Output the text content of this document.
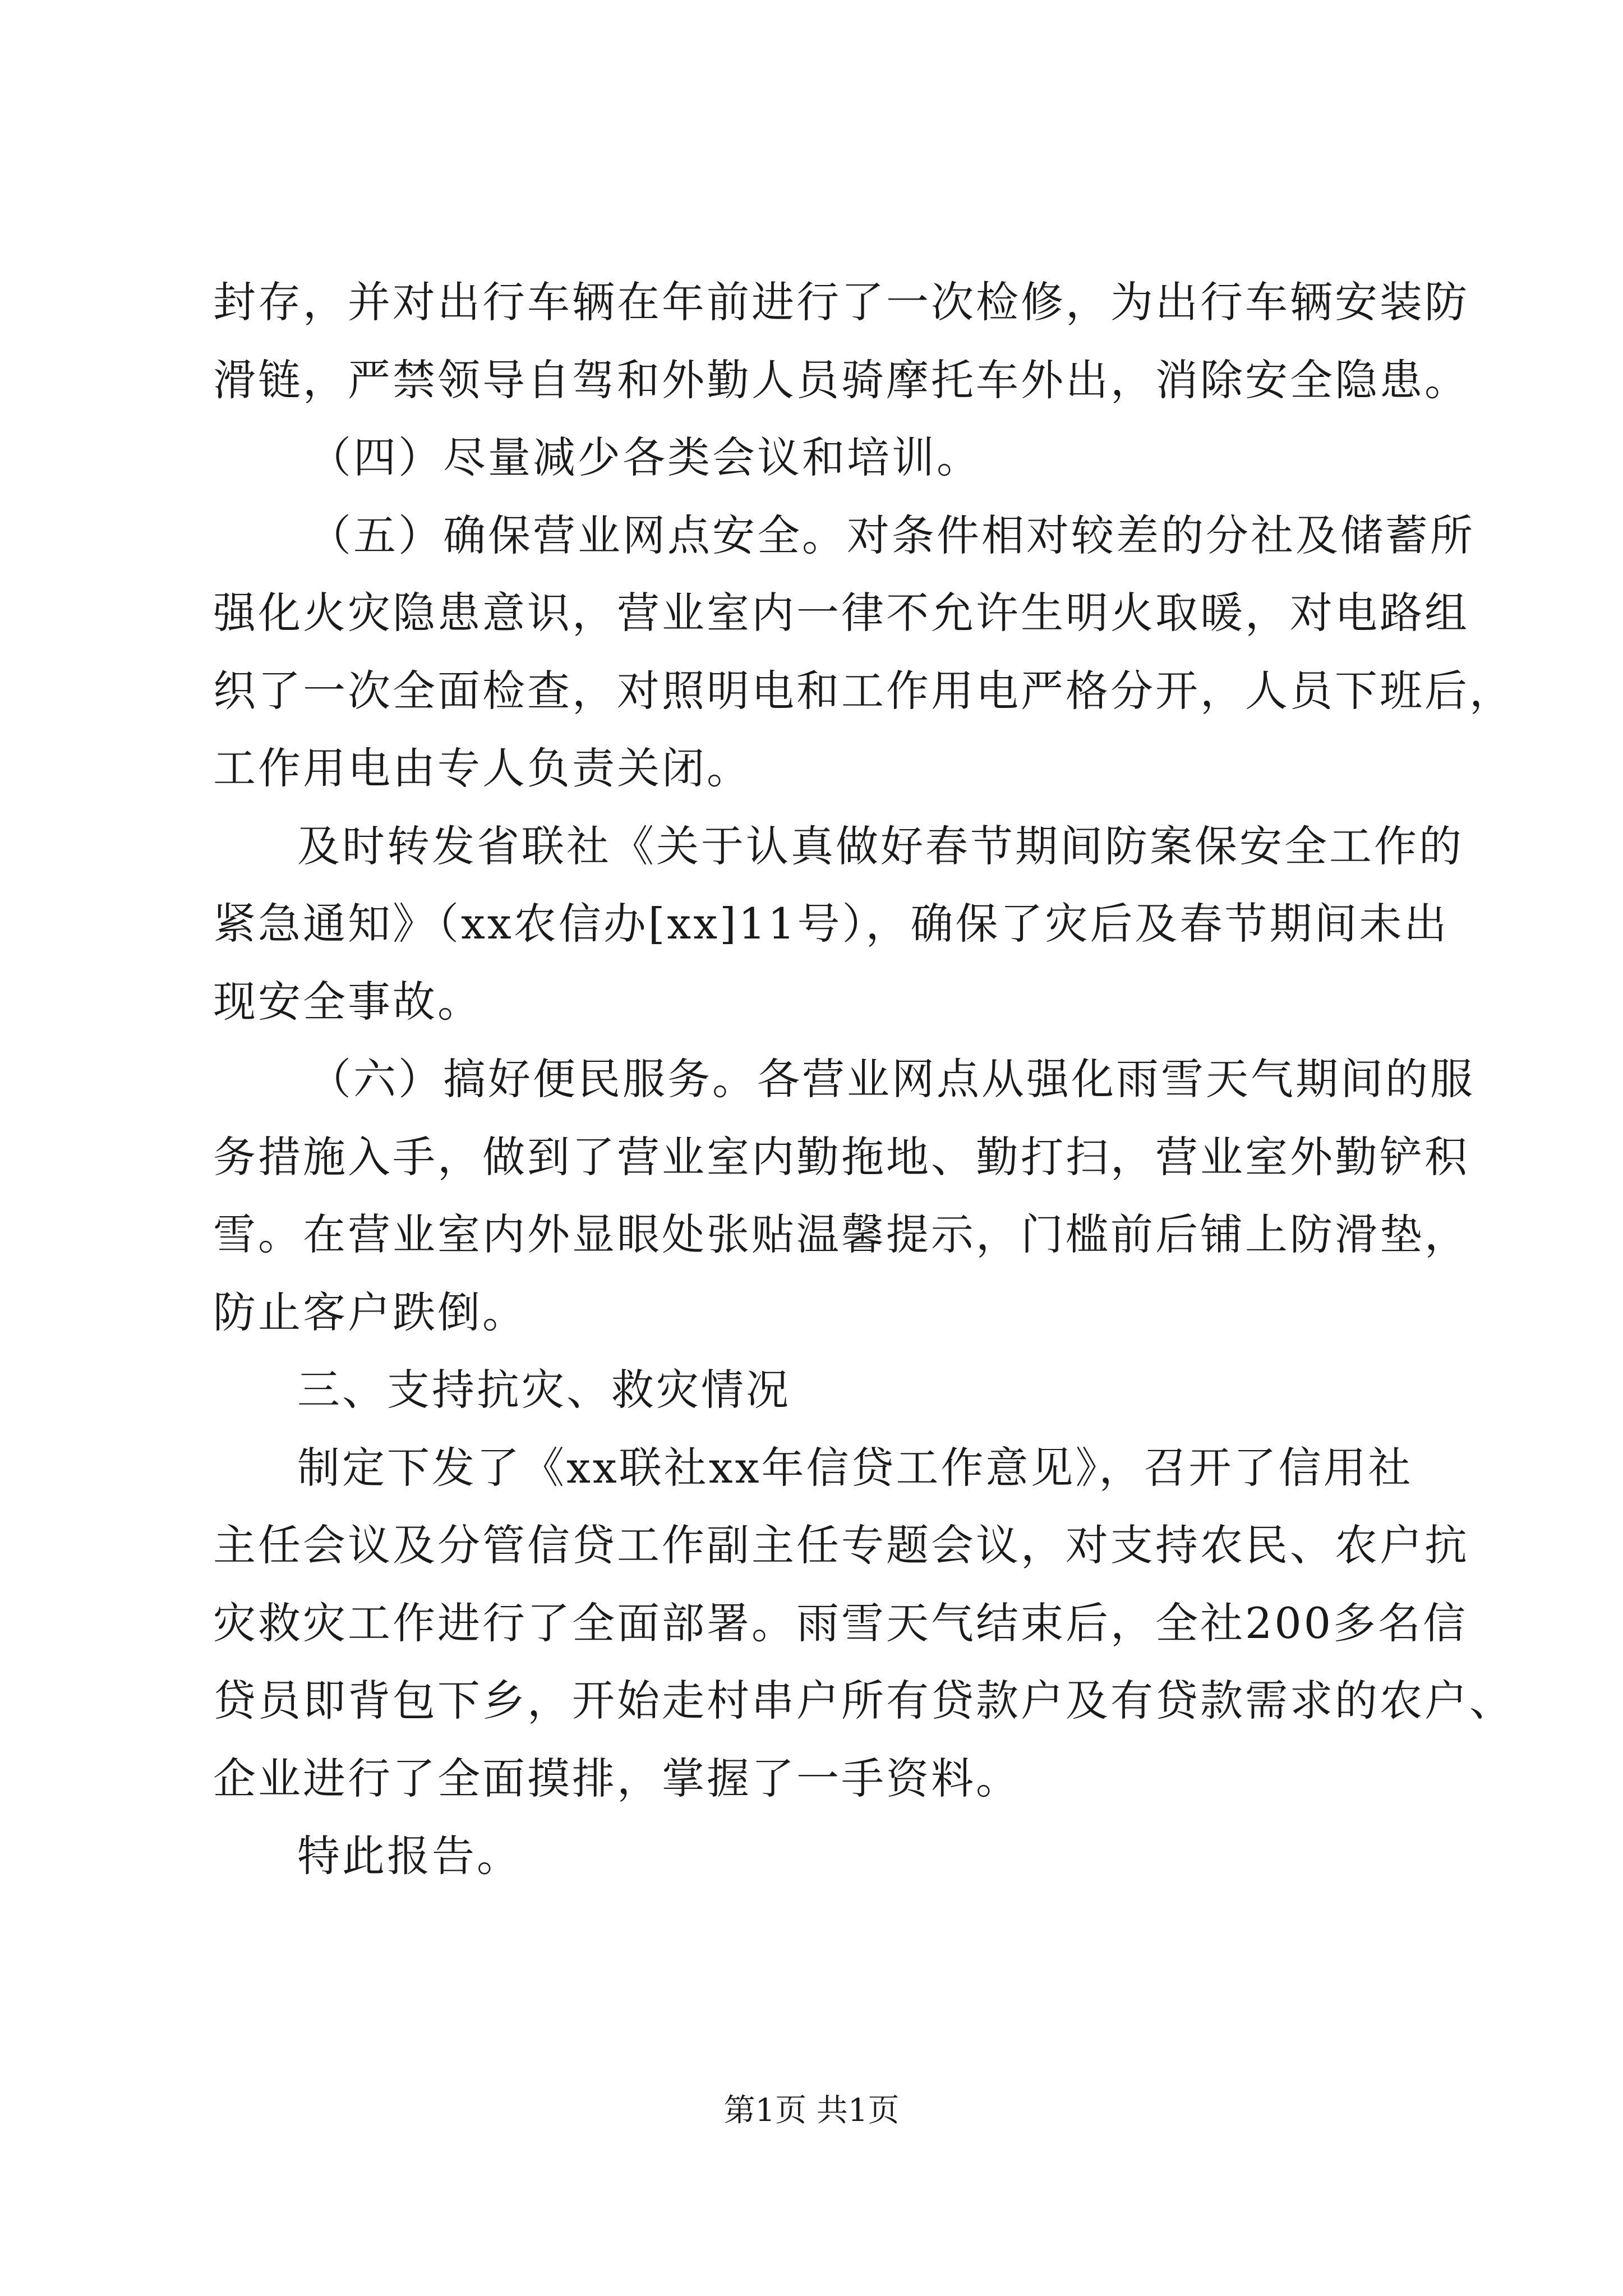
封存，并对出行车辆在年前进行了一次检修，为出行车辆安装防
滑链，严禁领导自驾和外勤人员骑摩托车外出，消除安全隐患。
（四）尽量减少各类会议和培训。
（五）确保营业网点安全。对条件相对较差的分社及储蓄所
强化火灾隐患意识，营业室内一律不允许生明火取暖，对电路组
织了一次全面检查，对照明电和工作用电严格分开，人员下班后，
工作用电由专人负责关闭。
及时转发省联社《关于认真做好春节期间防案保安全工作的
紧急通知》（xx农信办[xx]11号），确保了灾后及春节期间未出
现安全事故。
（六）搞好便民服务。各营业网点从强化雨雪天气期间的服
务措施入手，做到了营业室内勤拖地、勤打扫，营业室外勤铲积
雪。在营业室内外显眼处张贴温馨提示，门槛前后铺上防滑垫，
防止客户跌倒。
三、支持抗灾、救灾情况
制定下发了《xx联社xx年信贷工作意见》，召开了信用社
主任会议及分管信贷工作副主任专题会议，对支持农民、农户抗
灾救灾工作进行了全面部署。雨雪天气结束后，全社200多名信
贷员即背包下乡，开始走村串户所有贷款户及有贷款需求的农户、
企业进行了全面摸排，掌握了一手资料。
特此报告。
第1页 共1页
